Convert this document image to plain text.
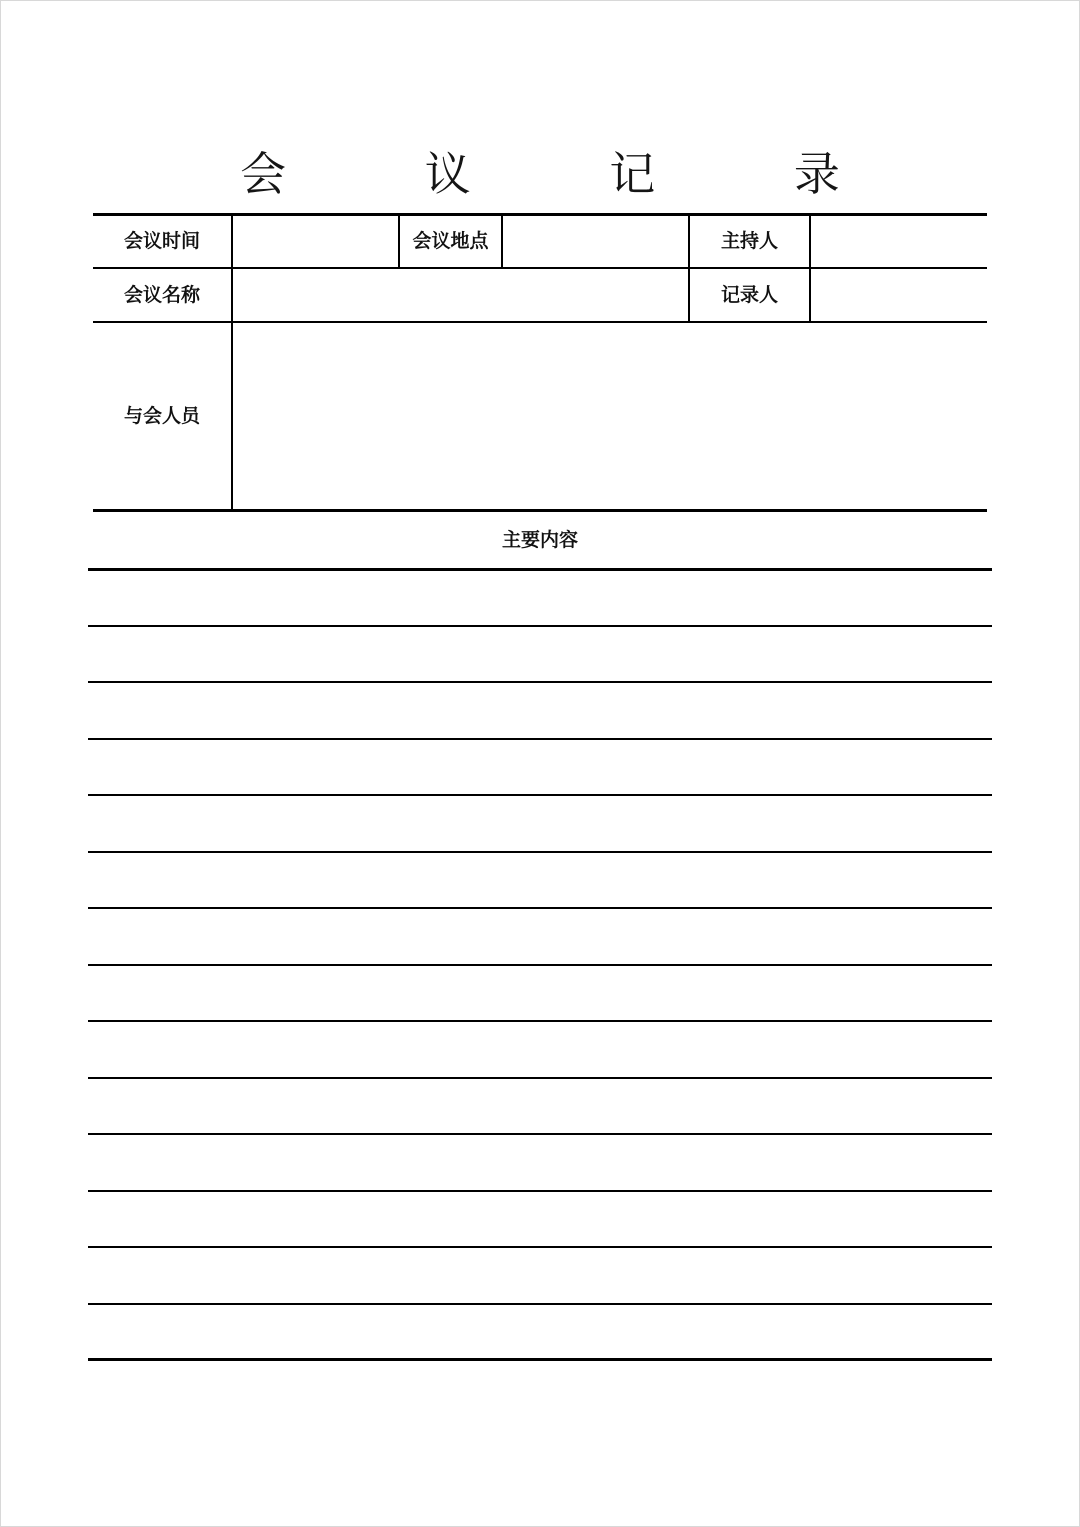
会 议 记 录
会议时间	会议地点	主持人
会议名称	记录人
与会人员
主要内容
